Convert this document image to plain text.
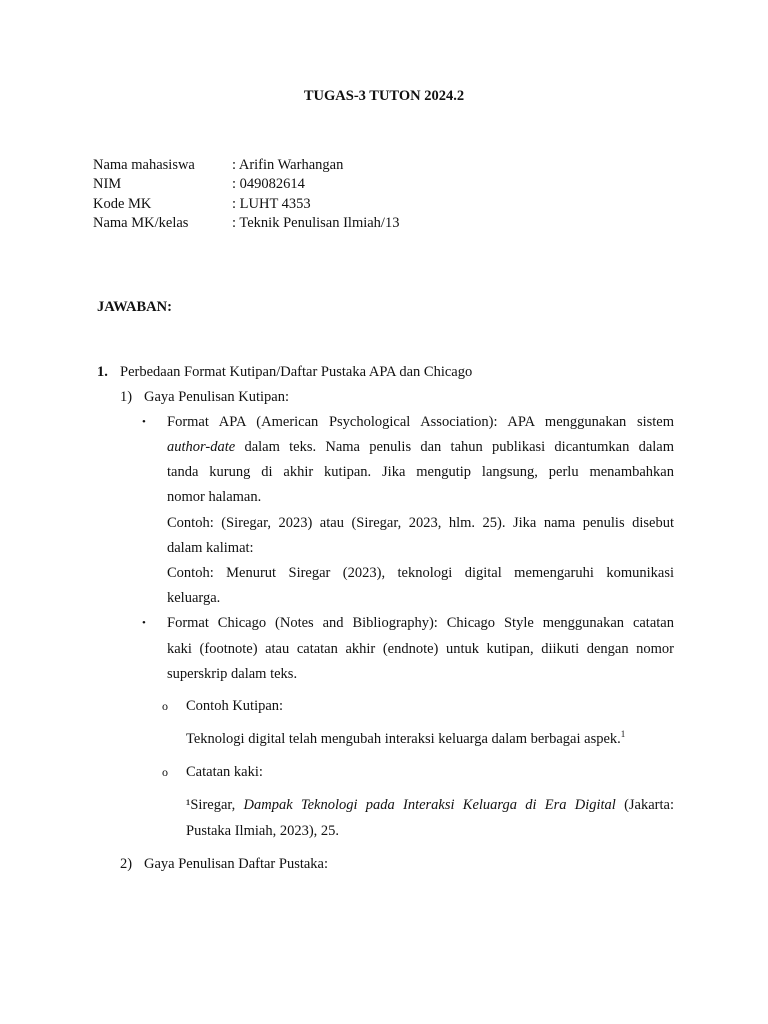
TUGAS-3 TUTON 2024.2
Nama mahasiswa	: Arifin Warhangan
NIM	: 049082614
Kode MK	: LUHT 4353
Nama MK/kelas	: Teknik Penulisan Ilmiah/13
JAWABAN:
1. Perbedaan Format Kutipan/Daftar Pustaka APA dan Chicago
1) Gaya Penulisan Kutipan:
• Format APA (American Psychological Association): APA menggunakan sistem
author-date dalam teks. Nama penulis dan tahun publikasi dicantumkan dalam
tanda kurung di akhir kutipan. Jika mengutip langsung, perlu menambahkan
nomor halaman.
Contoh: (Siregar, 2023) atau (Siregar, 2023, hlm. 25). Jika nama penulis disebut
dalam kalimat:
Contoh: Menurut Siregar (2023), teknologi digital memengaruhi komunikasi
keluarga.
• Format Chicago (Notes and Bibliography): Chicago Style menggunakan catatan
kaki (footnote) atau catatan akhir (endnote) untuk kutipan, diikuti dengan nomor
superskrip dalam teks.
o Contoh Kutipan:
Teknologi digital telah mengubah interaksi keluarga dalam berbagai aspek.$^1$
o Catatan kaki:
¹Siregar, Dampak Teknologi pada Interaksi Keluarga di Era Digital (Jakarta:
Pustaka Ilmiah, 2023), 25.
2) Gaya Penulisan Daftar Pustaka:
